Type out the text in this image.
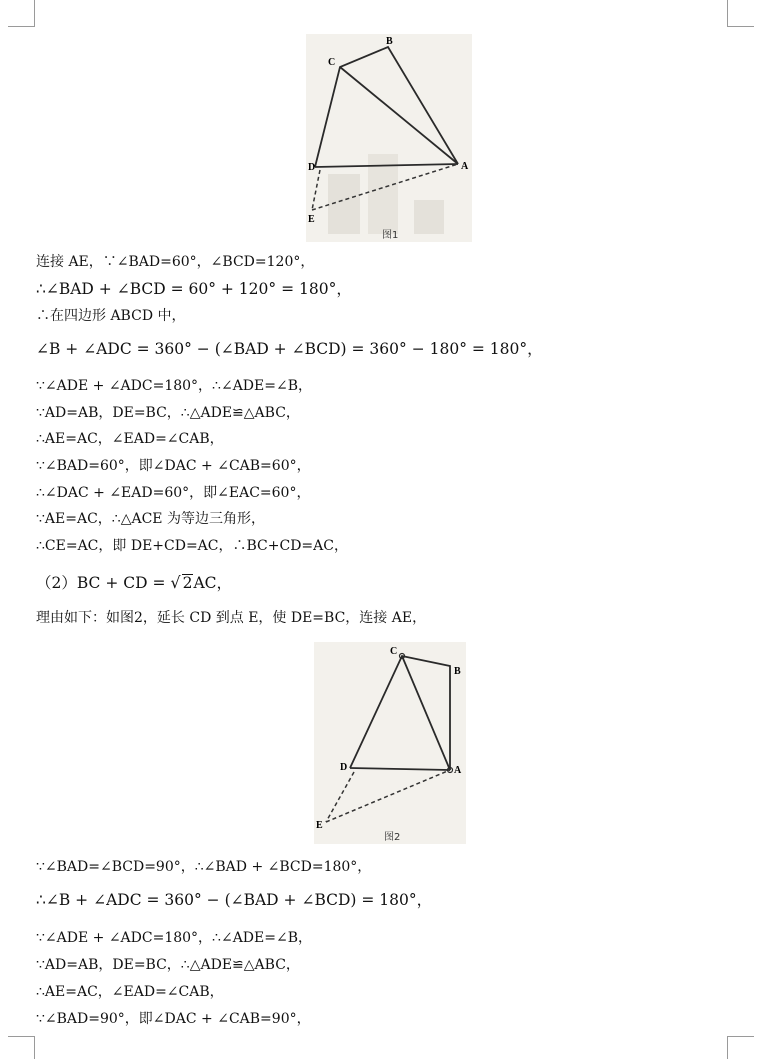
B
C
D	A
E
图1
连接 AE，∵∠BAD=60°，∠BCD=120°，
∴∠BAD + ∠BCD = 60° + 120° = 180°，
∴在四边形 ABCD 中，
∠B + ∠ADC = 360° − (∠BAD + ∠BCD) = 360° − 180° = 180°，
∵∠ADE + ∠ADC=180°，∴∠ADE=∠B，
∵AD=AB，DE=BC，∴△ADE≌△ABC，
∴AE=AC，∠EAD=∠CAB，
∵∠BAD=60°，即∠DAC + ∠CAB=60°，
∴∠DAC + ∠EAD=60°，即∠EAC=60°，
∵AE=AC，∴△ACE 为等边三角形，
∴CE=AC，即 DE+CD=AC，∴BC+CD=AC，
（2）BC + CD = √ 2AC，
理由如下：如图2，延长 CD 到点 E，使 DE=BC，连接 AE，
C
B
D	A
E
图2
∵∠BAD=∠BCD=90°，∴∠BAD + ∠BCD=180°，
∴∠B + ∠ADC = 360° − (∠BAD + ∠BCD) = 180°，
∵∠ADE + ∠ADC=180°，∴∠ADE=∠B，
∵AD=AB，DE=BC，∴△ADE≌△ABC，
∴AE=AC，∠EAD=∠CAB，
∵∠BAD=90°，即∠DAC + ∠CAB=90°，
